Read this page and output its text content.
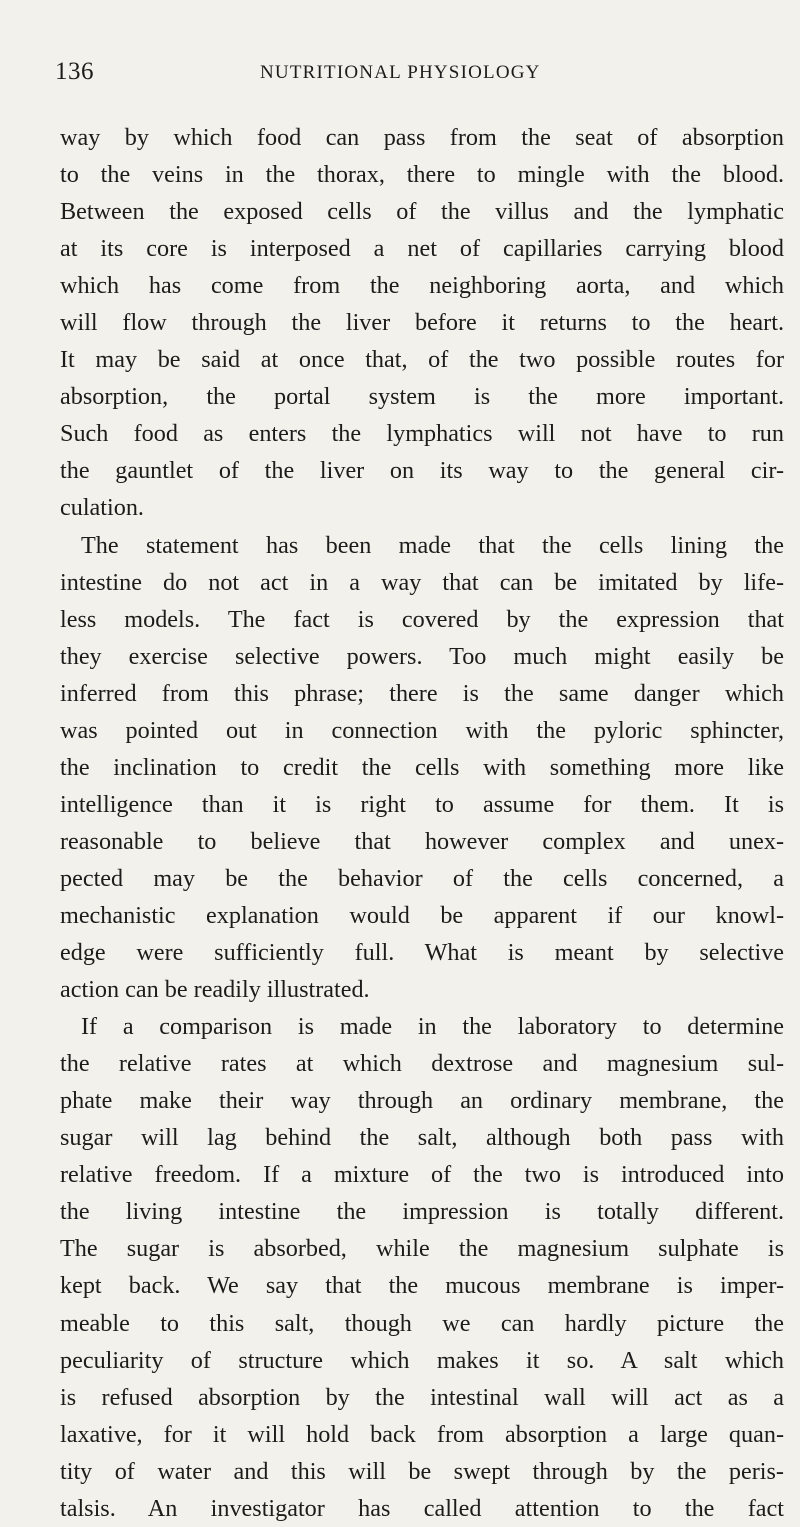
136	NUTRITIONAL PHYSIOLOGY
way by which food can pass from the seat of absorption
to the veins in the thorax, there to mingle with the blood.
Between the exposed cells of the villus and the lymphatic
at its core is interposed a net of capillaries carrying blood
which has come from the neighboring aorta, and which
will flow through the liver before it returns to the heart.
It may be said at once that, of the two possible routes for
absorption, the portal system is the more important.
Such food as enters the lymphatics will not have to run
the gauntlet of the liver on its way to the general cir-
culation.
The statement has been made that the cells lining the
intestine do not act in a way that can be imitated by life-
less models. The fact is covered by the expression that
they exercise selective powers. Too much might easily be
inferred from this phrase; there is the same danger which
was pointed out in connection with the pyloric sphincter,
the inclination to credit the cells with something more like
intelligence than it is right to assume for them. It is
reasonable to believe that however complex and unex-
pected may be the behavior of the cells concerned, a
mechanistic explanation would be apparent if our knowl-
edge were sufficiently full. What is meant by selective
action can be readily illustrated.
If a comparison is made in the laboratory to determine
the relative rates at which dextrose and magnesium sul-
phate make their way through an ordinary membrane, the
sugar will lag behind the salt, although both pass with
relative freedom. If a mixture of the two is introduced into
the living intestine the impression is totally different.
The sugar is absorbed, while the magnesium sulphate is
kept back. We say that the mucous membrane is imper-
meable to this salt, though we can hardly picture the
peculiarity of structure which makes it so. A salt which
is refused absorption by the intestinal wall will act as a
laxative, for it will hold back from absorption a large quan-
tity of water and this will be swept through by the peris-
talsis. An investigator has called attention to the fact
